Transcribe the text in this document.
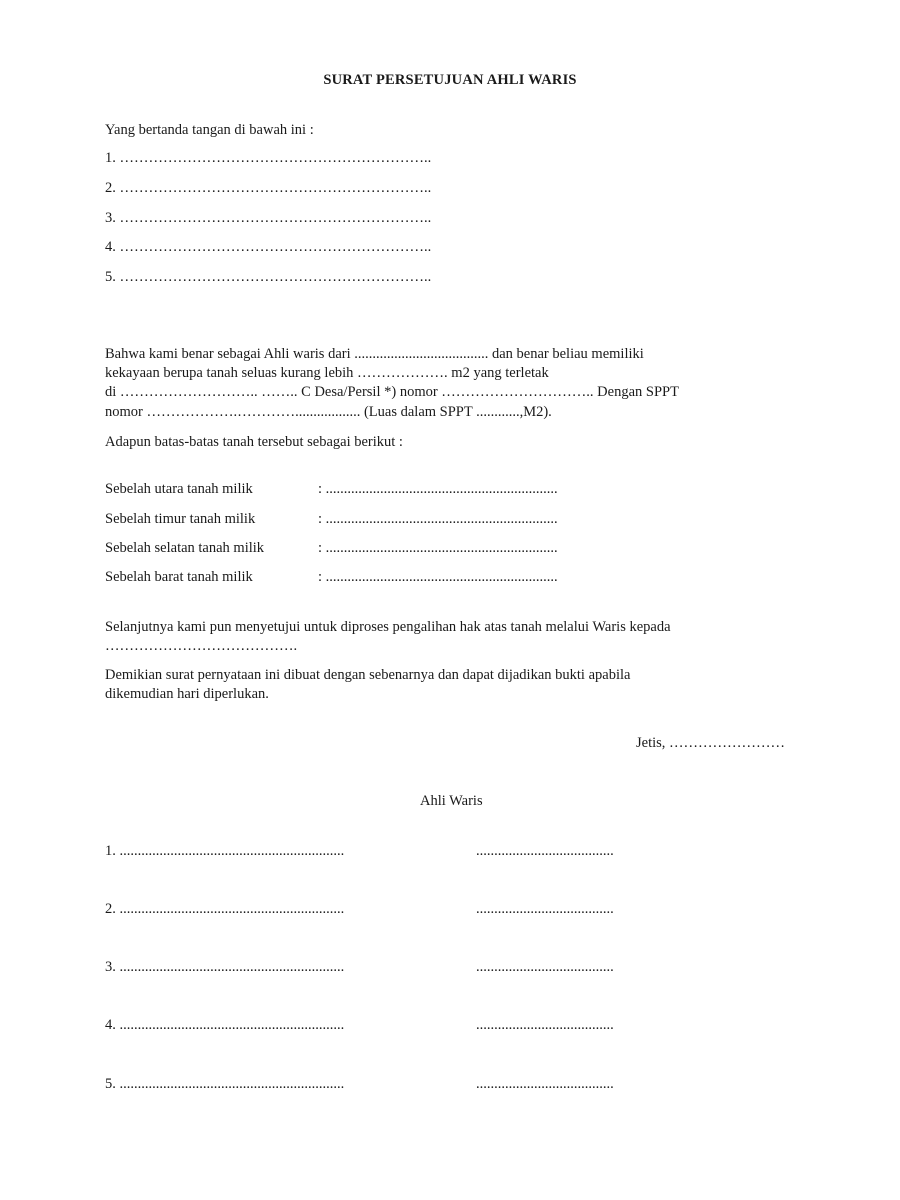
SURAT PERSETUJUAN AHLI WARIS
Yang bertanda tangan di bawah ini :
1. ………………………………………………………..
2. ………………………………………………………..
3. ………………………………………………………..
4. ………………………………………………………..
5. ………………………………………………………..
Bahwa kami benar sebagai Ahli waris dari ..................................... dan benar beliau memiliki
kekayaan berupa tanah seluas kurang lebih ………………. m2 yang terletak
di ……………………….. …….. C Desa/Persil *) nomor ………………………….. Dengan SPPT
nomor ……………….………….................. (Luas dalam SPPT ............,M2).
Adapun batas-batas tanah tersebut sebagai berikut :
Sebelah utara tanah milik	: ................................................................
Sebelah timur tanah milik	: ................................................................
Sebelah selatan tanah milik	: ................................................................
Sebelah barat tanah milik	: ................................................................
Selanjutnya kami pun menyetujui untuk diproses pengalihan hak atas tanah melalui Waris kepada
………………………………….
Demikian surat pernyataan ini dibuat dengan sebenarnya dan dapat dijadikan bukti apabila
dikemudian hari diperlukan.
Jetis, ……………………
Ahli Waris
1. ..............................................................	......................................
2. ..............................................................	......................................
3. ..............................................................	......................................
4. ..............................................................	......................................
5. ..............................................................	......................................
